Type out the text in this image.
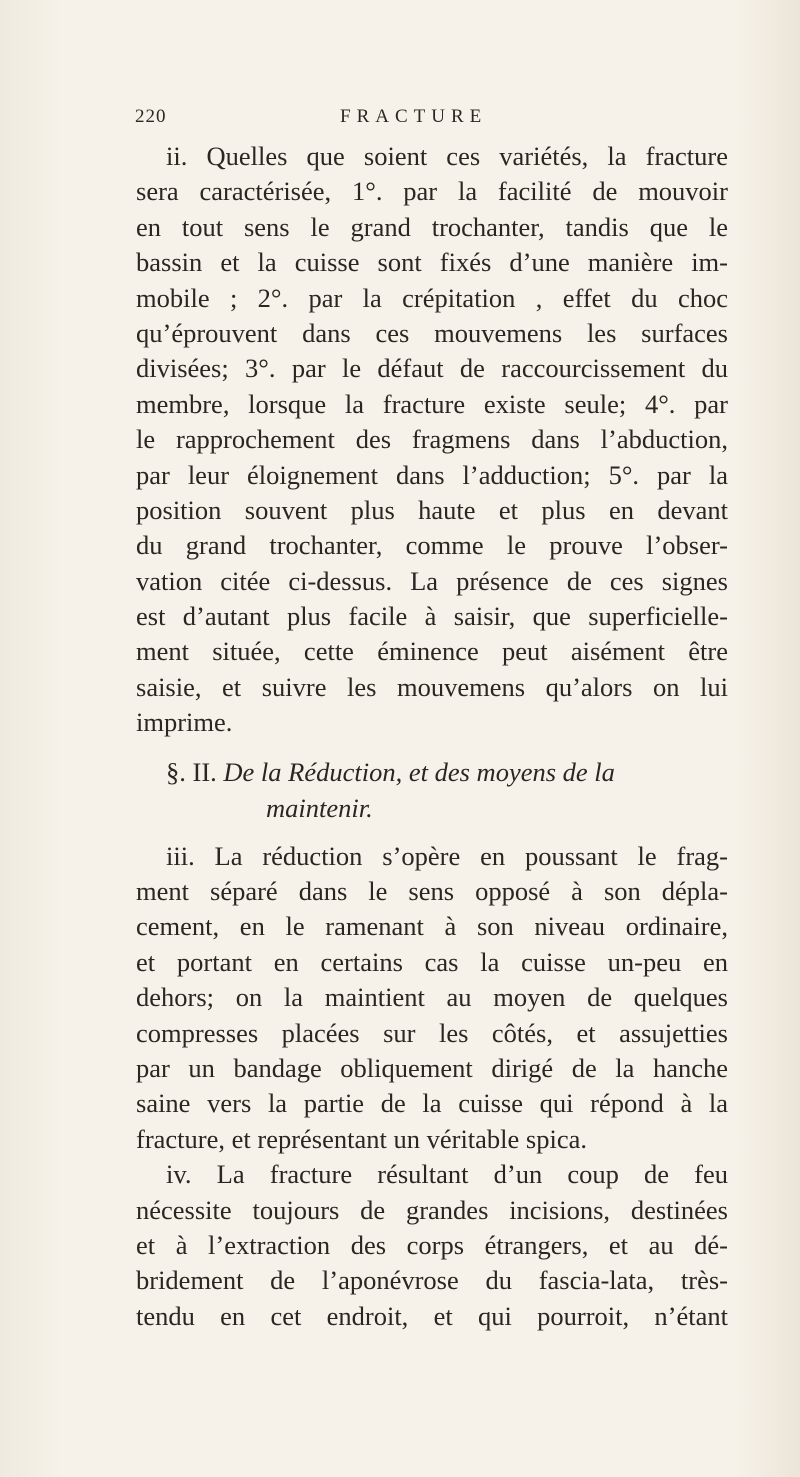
220	FRACTURE
ii. Quelles que soient ces variétés, la fracture
sera caractérisée, 1°. par la facilité de mouvoir
en tout sens le grand trochanter, tandis que le
bassin et la cuisse sont fixés d’une manière im-
mobile ; 2°. par la crépitation , effet du choc
qu’éprouvent dans ces mouvemens les surfaces
divisées; 3°. par le défaut de raccourcissement du
membre, lorsque la fracture existe seule; 4°. par
le rapprochement des fragmens dans l’abduction,
par leur éloignement dans l’adduction; 5°. par la
position souvent plus haute et plus en devant
du grand trochanter, comme le prouve l’obser-
vation citée ci-dessus. La présence de ces signes
est d’autant plus facile à saisir, que superficielle-
ment située, cette éminence peut aisément être
saisie, et suivre les mouvemens qu’alors on lui
imprime.
§. II. De la Réduction, et des moyens de la
maintenir.
iii. La réduction s’opère en poussant le frag-
ment séparé dans le sens opposé à son dépla-
cement, en le ramenant à son niveau ordinaire,
et portant en certains cas la cuisse un-peu en
dehors; on la maintient au moyen de quelques
compresses placées sur les côtés, et assujetties
par un bandage obliquement dirigé de la hanche
saine vers la partie de la cuisse qui répond à la
fracture, et représentant un véritable spica.
iv. La fracture résultant d’un coup de feu
nécessite toujours de grandes incisions, destinées
et à l’extraction des corps étrangers, et au dé-
bridement de l’aponévrose du fascia-lata, très-
tendu en cet endroit, et qui pourroit, n’étant
